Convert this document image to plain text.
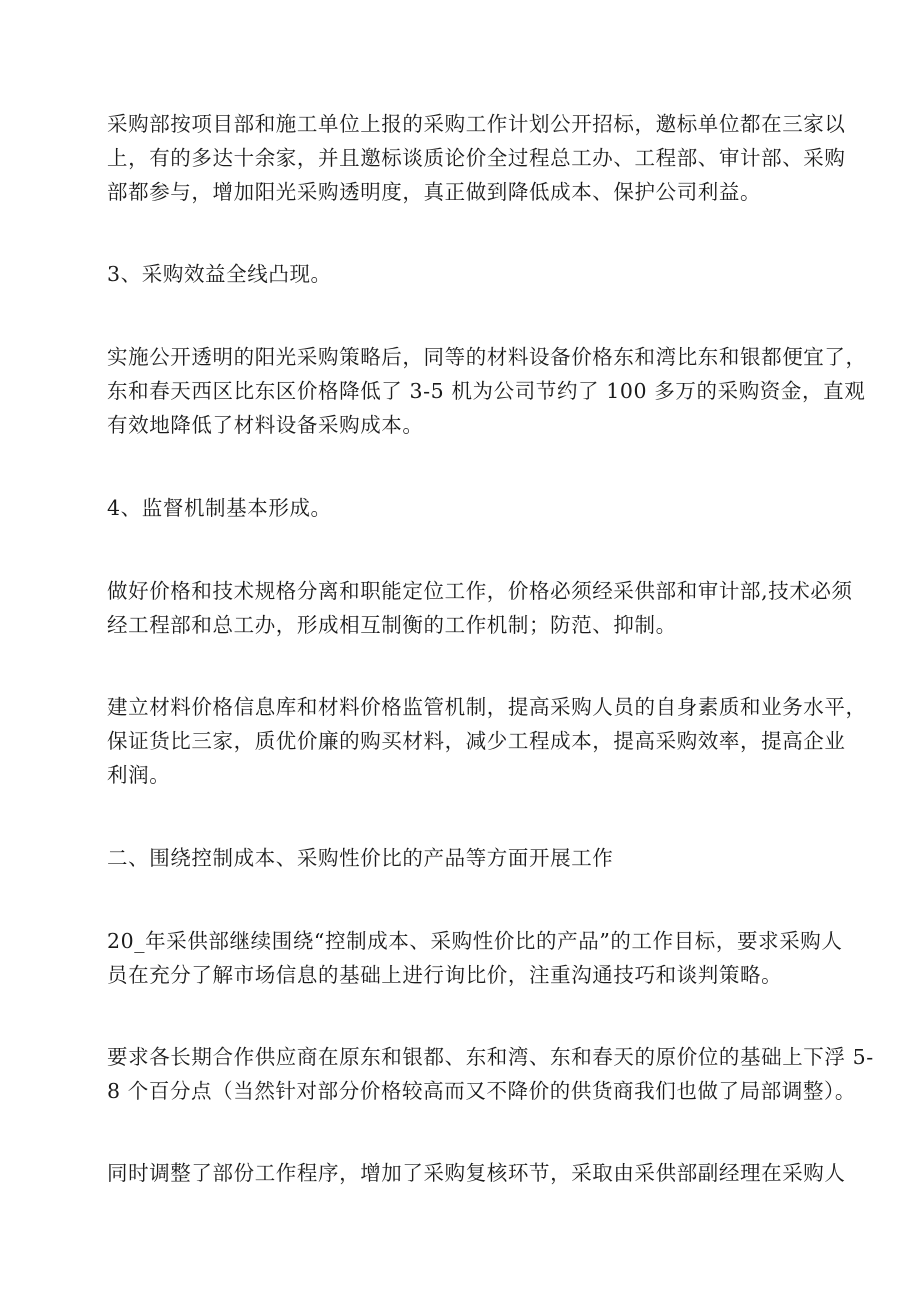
采购部按项目部和施工单位上报的采购工作计划公开招标，邀标单位都在三家以
上，有的多达十余家，并且邀标谈质论价全过程总工办、工程部、审计部、采购
部都参与，增加阳光采购透明度，真正做到降低成本、保护公司利益。

3、采购效益全线凸现。

实施公开透明的阳光采购策略后，同等的材料设备价格东和湾比东和银都便宜了，
东和春天西区比东区价格降低了 3-5 机为公司节约了 100 多万的采购资金，直观
有效地降低了材料设备采购成本。

4、监督机制基本形成。

做好价格和技术规格分离和职能定位工作，价格必须经采供部和审计部,技术必须
经工程部和总工办，形成相互制衡的工作机制；防范、抑制。

建立材料价格信息库和材料价格监管机制，提高采购人员的自身素质和业务水平，
保证货比三家，质优价廉的购买材料，减少工程成本，提高采购效率，提高企业
利润。

二、围绕控制成本、采购性价比的产品等方面开展工作

20_年采供部继续围绕“控制成本、采购性价比的产品”的工作目标，要求采购人
员在充分了解市场信息的基础上进行询比价，注重沟通技巧和谈判策略。

要求各长期合作供应商在原东和银都、东和湾、东和春天的原价位的基础上下浮 5-
8 个百分点（当然针对部分价格较高而又不降价的供货商我们也做了局部调整）。

同时调整了部份工作程序，增加了采购复核环节，采取由采供部副经理在采购人
